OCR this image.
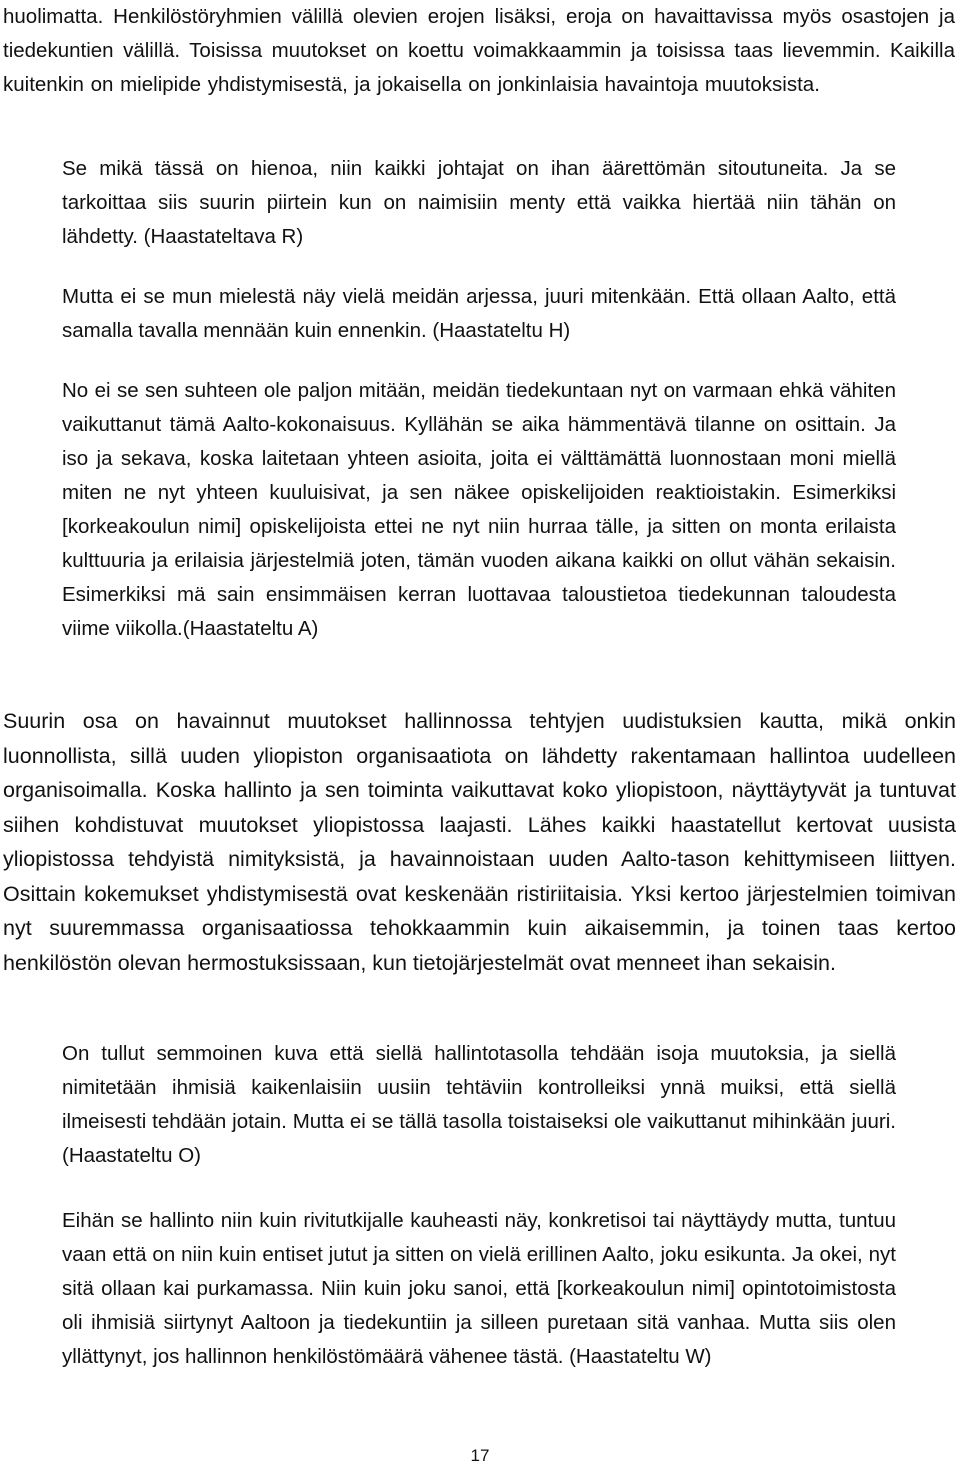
huolimatta. Henkilöstöryhmien välillä olevien erojen lisäksi, eroja on havaittavissa myös osastojen ja tiedekuntien välillä. Toisissa muutokset on koettu voimakkaammin ja toisissa taas lievemmin. Kaikilla kuitenkin on mielipide yhdistymisestä, ja jokaisella on jonkinlaisia havaintoja muutoksista.

Se mikä tässä on hienoa, niin kaikki johtajat on ihan äärettömän sitoutuneita. Ja se tarkoittaa siis suurin piirtein kun on naimisiin menty että vaikka hiertää niin tähän on lähdetty. (Haastateltava R)

Mutta ei se mun mielestä näy vielä meidän arjessa, juuri mitenkään. Että ollaan Aalto, että samalla tavalla mennään kuin ennenkin. (Haastateltu H)

No ei se sen suhteen ole paljon mitään, meidän tiedekuntaan nyt on varmaan ehkä vähiten vaikuttanut tämä Aalto-kokonaisuus. Kyllähän se aika hämmentävä tilanne on osittain. Ja iso ja sekava, koska laitetaan yhteen asioita, joita ei välttämättä luonnostaan moni miellä miten ne nyt yhteen kuuluisivat, ja sen näkee opiskelijoiden reaktioistakin. Esimerkiksi [korkeakoulun nimi] opiskelijoista ettei ne nyt niin hurraa tälle, ja sitten on monta erilaista kulttuuria ja erilaisia järjestelmiä joten, tämän vuoden aikana kaikki on ollut vähän sekaisin. Esimerkiksi mä sain ensimmäisen kerran luottavaa taloustietoa tiedekunnan taloudesta viime viikolla.(Haastateltu A)

Suurin osa on havainnut muutokset hallinnossa tehtyjen uudistuksien kautta, mikä onkin luonnollista, sillä uuden yliopiston organisaatiota on lähdetty rakentamaan hallintoa uudelleen organisoimalla. Koska hallinto ja sen toiminta vaikuttavat koko yliopistoon, näyttäytyvät ja tuntuvat siihen kohdistuvat muutokset yliopistossa laajasti. Lähes kaikki haastatellut kertovat uusista yliopistossa tehdyistä nimityksistä, ja havainnoistaan uuden Aalto-tason kehittymiseen liittyen. Osittain kokemukset yhdistymisestä ovat keskenään ristiriitaisia. Yksi kertoo järjestelmien toimivan nyt suuremmassa organisaatiossa tehokkaammin kuin aikaisemmin, ja toinen taas kertoo henkilöstön olevan hermostuksissaan, kun tietojärjestelmät ovat menneet ihan sekaisin.

On tullut semmoinen kuva että siellä hallintotasolla tehdään isoja muutoksia, ja siellä nimitetään ihmisiä kaikenlaisiin uusiin tehtäviin kontrolleiksi ynnä muiksi, että siellä ilmeisesti tehdään jotain. Mutta ei se tällä tasolla toistaiseksi ole vaikuttanut mihinkään juuri. (Haastateltu O)

Eihän se hallinto niin kuin rivitutkijalle kauheasti näy, konkretisoi tai näyttäydy mutta, tuntuu vaan että on niin kuin entiset jutut ja sitten on vielä erillinen Aalto, joku esikunta. Ja okei, nyt sitä ollaan kai purkamassa. Niin kuin joku sanoi, että [korkeakoulun nimi] opintotoimistosta oli ihmisiä siirtynyt Aaltoon ja tiedekuntiin ja silleen puretaan sitä vanhaa. Mutta siis olen yllättynyt, jos hallinnon henkilöstömäärä vähenee tästä. (Haastateltu W)

17
